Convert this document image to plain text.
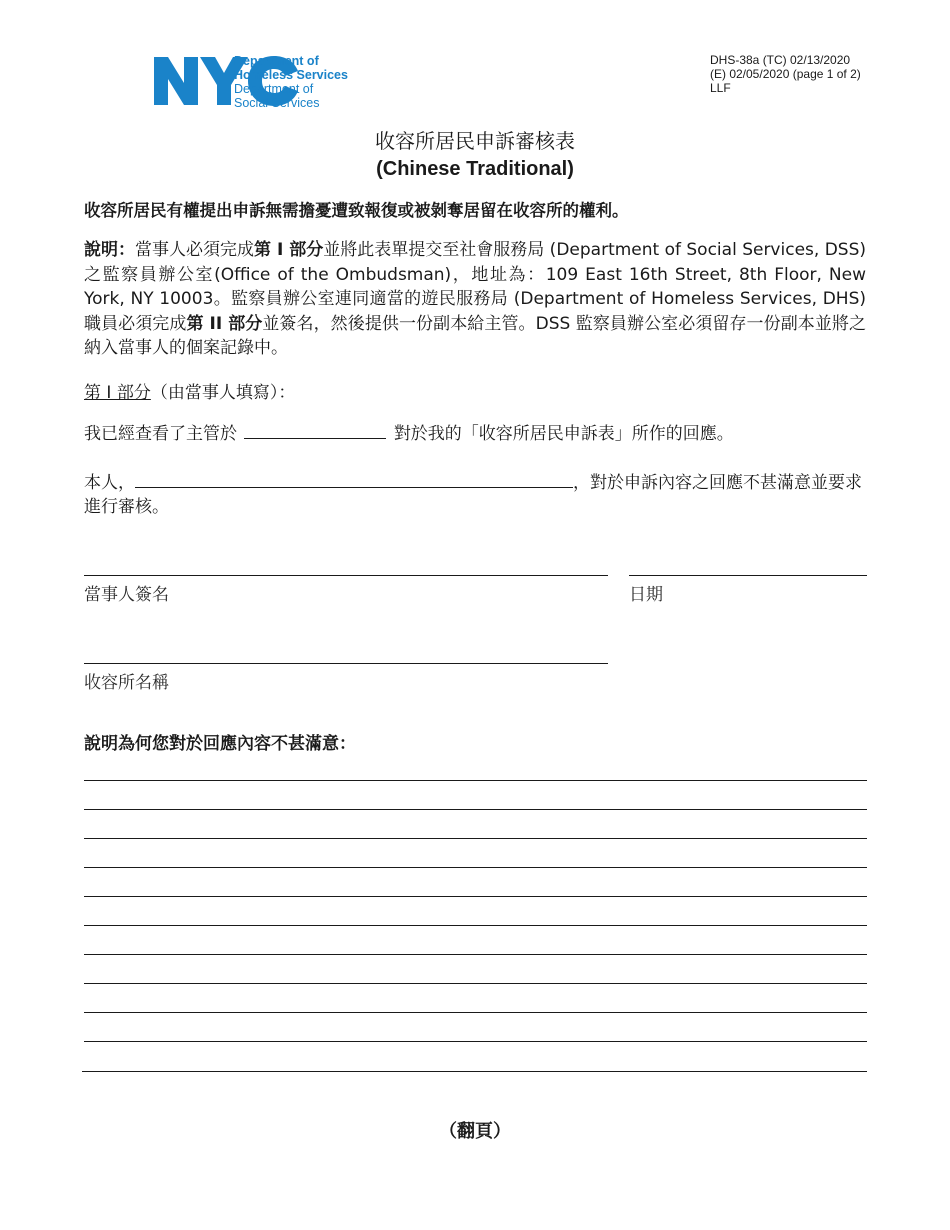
Department of
Homeless Services
Department of
Social Services
DHS-38a (TC) 02/13/2020
(E) 02/05/2020 (page 1 of 2)
LLF
收容所居民申訴審核表
(Chinese Traditional)
收容所居民有權提出申訴無需擔憂遭致報復或被剝奪居留在收容所的權利。
說明：當事人必須完成第 I 部分並將此表單提交至社會服務局 (Department of Social Services, DSS) 之監察員辦公室(Office of the Ombudsman)，地址為：109 East 16th Street, 8th Floor, New York, NY 10003。監察員辦公室連同適當的遊民服務局 (Department of Homeless Services, DHS) 職員必須完成第 II 部分並簽名，然後提供一份副本給主管。DSS 監察員辦公室必須留存一份副本並將之納入當事人的個案記錄中。
第 I 部分（由當事人填寫）：
我已經查看了主管於	對於我的「收容所居民申訴表」所作的回應。
本人，	，對於申訴內容之回應不甚滿意並要求進行審核。
當事人簽名	日期
收容所名稱
說明為何您對於回應內容不甚滿意：
（翻頁）
